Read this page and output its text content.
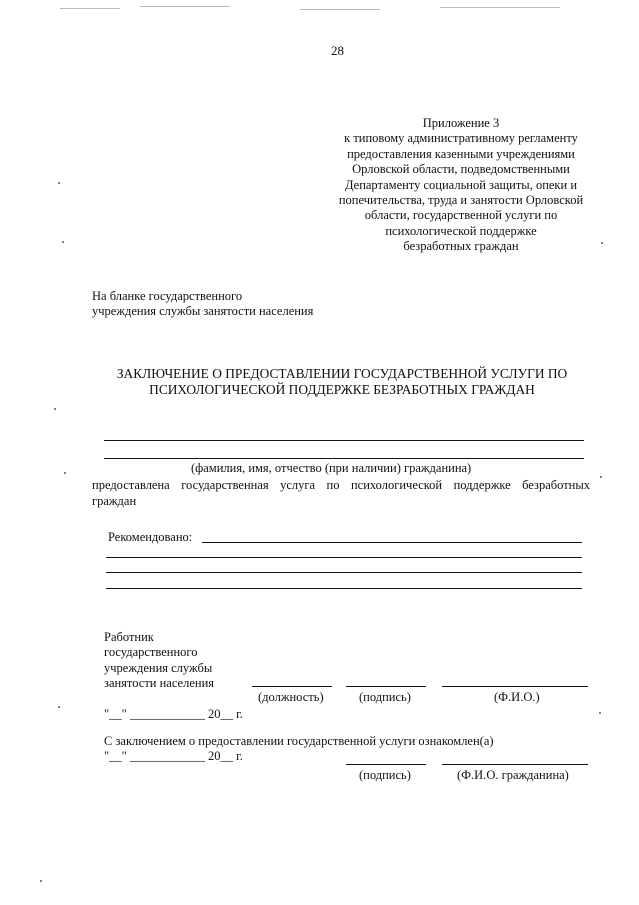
28
Приложение 3
к типовому административному регламенту
предоставления казенными учреждениями
Орловской области, подведомственными
Департаменту социальной защиты, опеки и
попечительства, труда и занятости Орловской
области, государственной услуги по
психологической поддержке
безработных граждан
На бланке государственного
учреждения службы занятости населения
ЗАКЛЮЧЕНИЕ О ПРЕДОСТАВЛЕНИИ ГОСУДАРСТВЕННОЙ УСЛУГИ ПО
ПСИХОЛОГИЧЕСКОЙ ПОДДЕРЖКЕ БЕЗРАБОТНЫХ ГРАЖДАН
(фамилия, имя, отчество (при наличии) гражданина)
предоставлена государственная услуга по психологической поддержке безработных
граждан
Рекомендовано:
Работник
государственного
учреждения службы
занятости населения
(должность)	(подпись)	(Ф.И.О.)
"__" ____________ 20__ г.
С заключением о предоставлении государственной услуги ознакомлен(а)
"__" ____________ 20__ г.
(подпись)	(Ф.И.О. гражданина)
